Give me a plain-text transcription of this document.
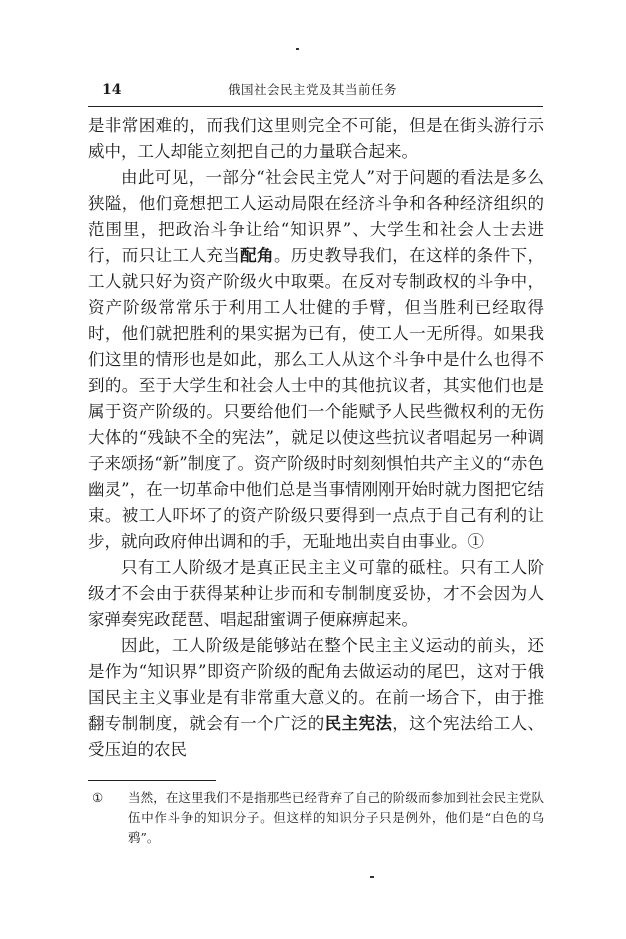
14	俄国社会民主党及其当前任务

是非常困难的，而我们这里则完全不可能，但是在街头游行示威中，工人却能立刻把自己的力量联合起来。

由此可见，一部分“社会民主党人”对于问题的看法是多么狭隘，他们竟想把工人运动局限在经济斗争和各种经济组织的范围里，把政治斗争让给“知识界”、大学生和社会人士去进行，而只让工人充当配角。历史教导我们，在这样的条件下，工人就只好为资产阶级火中取栗。在反对专制政权的斗争中，资产阶级常常乐于利用工人壮健的手臂，但当胜利已经取得时，他们就把胜利的果实据为已有，使工人一无所得。如果我们这里的情形也是如此，那么工人从这个斗争中是什么也得不到的。至于大学生和社会人士中的其他抗议者，其实他们也是属于资产阶级的。只要给他们一个能赋予人民些微权利的无伤大体的“残缺不全的宪法”，就足以使这些抗议者唱起另一种调子来颂扬“新”制度了。资产阶级时时刻刻惧怕共产主义的“赤色幽灵”，在一切革命中他们总是当事情刚刚开始时就力图把它结束。被工人吓坏了的资产阶级只要得到一点点于自己有利的让步，就向政府伸出调和的手，无耻地出卖自由事业。①

只有工人阶级才是真正民主主义可靠的砥柱。只有工人阶级才不会由于获得某种让步而和专制制度妥协，才不会因为人家弹奏宪政琵琶、唱起甜蜜调子便麻痹起来。

因此，工人阶级是能够站在整个民主主义运动的前头，还是作为“知识界”即资产阶级的配角去做运动的尾巴，这对于俄国民主主义事业是有非常重大意义的。在前一场合下，由于推翻专制制度，就会有一个广泛的民主宪法，这个宪法给工人、受压迫的农民

① 当然，在这里我们不是指那些已经背弃了自己的阶级而参加到社会民主党队伍中作斗争的知识分子。但这样的知识分子只是例外，他们是“白色的乌鸦”。
